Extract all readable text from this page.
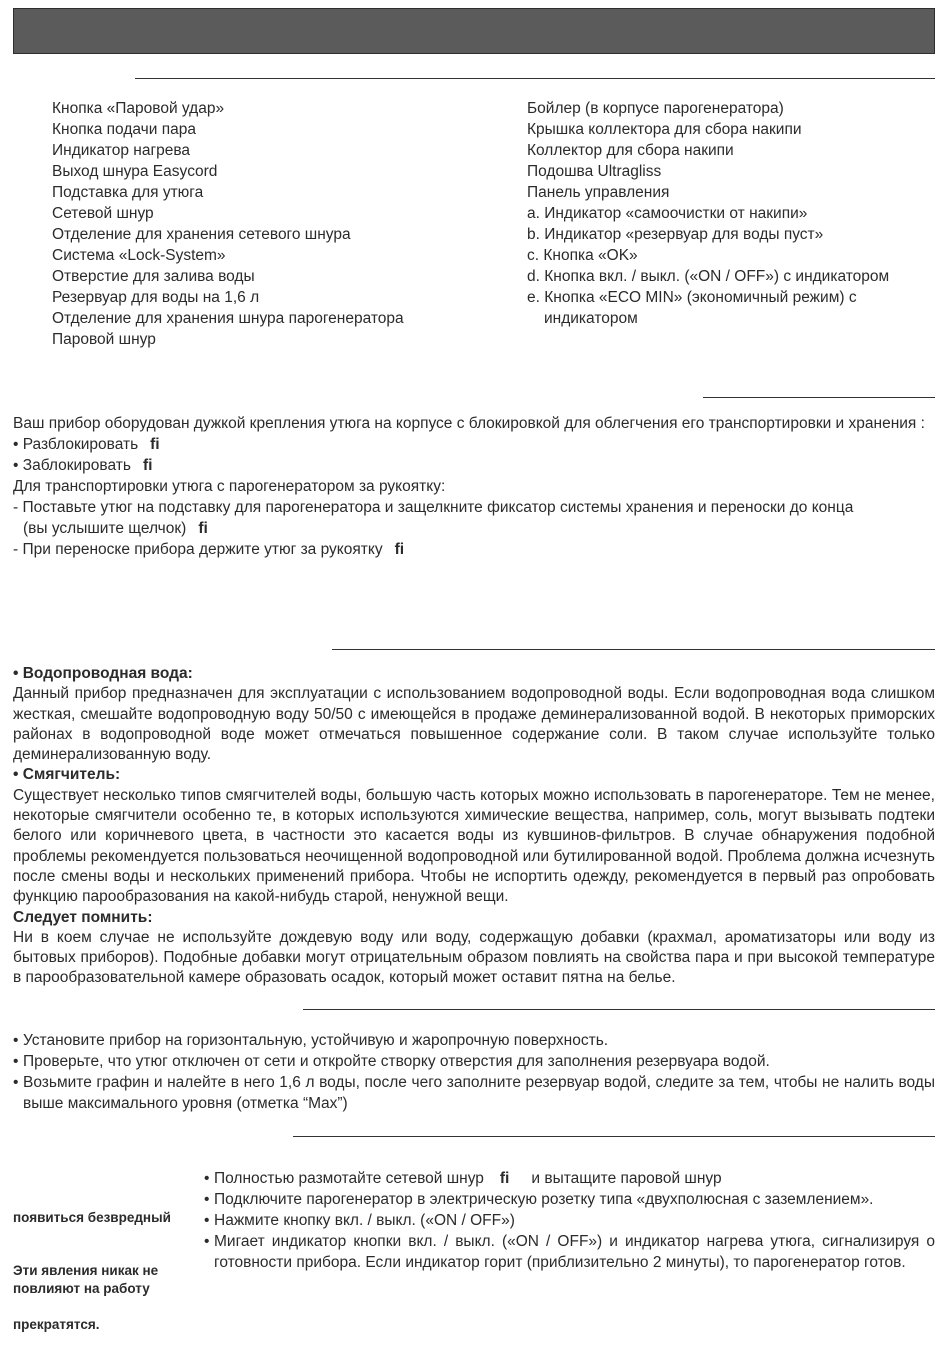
Кнопка «Паровой удар»
Кнопка подачи пара
Индикатор нагрева
Выход шнура Easycord
Подставка для утюга
Сетевой шнур
Отделение для хранения сетевого шнура
Система «Lock-System»
Отверстие для залива воды
Резервуар для воды на 1,6 л
Отделение для хранения шнура парогенератора
Паровой шнур
Бойлер (в корпусе парогенератора)
Крышка коллектора для сбора накипи
Коллектор для сбора накипи
Подошва Ultragliss
Панель управления
a. Индикатор «самоочистки от накипи»
b. Индикатор «резервуар для воды пуст»
c. Кнопка «OK»
d. Кнопка вкл. / выкл. («ON / OFF») с индикатором
e. Кнопка «ECO MIN» (экономичный режим) с
индикатором
Ваш прибор оборудован дужкой крепления утюга на корпусе с блокировкой для облегчения его транспортировки и хранения :
• Разблокировать ﬁ
• Заблокировать ﬁ
Для транспортировки утюга с парогенератором за рукоятку:
- Поставьте утюг на подставку для парогенератора и защелкните фиксатор системы хранения и переноски до конца
(вы услышите щелчок) ﬁ
- При переноске прибора держите утюг за рукоятку ﬁ
• Водопроводная вода:
Данный прибор предназначен для эксплуатации с использованием водопроводной воды. Если водопроводная вода слишком жесткая, смешайте водопроводную воду 50/50 с имеющейся в продаже деминерализованной водой. В некоторых приморских районах в водопроводной воде может отмечаться повышенное содержание соли. В таком случае используйте только деминерализованную воду.
• Смягчитель:
Существует несколько типов смягчителей воды, большую часть которых можно использовать в парогенераторе. Тем не менее, некоторые смягчители особенно те, в которых используются химические вещества, например, соль, могут вызывать подтеки белого или коричневого цвета, в частности это касается воды из кувшинов-фильтров. В случае обнаружения подобной проблемы рекомендуется пользоваться неочищенной водопроводной или бутилированной водой. Проблема должна исчезнуть после смены воды и нескольких применений прибора. Чтобы не испортить одежду, рекомендуется в первый раз опробовать функцию парообразования на какой-нибудь старой, ненужной вещи.
Следует помнить:
Ни в коем случае не используйте дождевую воду или воду, содержащую добавки (крахмал, ароматизаторы или воду из бытовых приборов). Подобные добавки могут отрицательным образом повлиять на свойства пара и при высокой температуре в парообразовательной камере образовать осадок, который может оставит пятна на белье.
• Установите прибор на горизонтальную, устойчивую и жаропрочную поверхность.
• Проверьте, что утюг отключен от сети и откройте створку отверстия для заполнения резервуара водой.
• Возьмите графин и налейте в него 1,6 л воды, после чего заполните резервуар водой, следите за тем, чтобы не налить воды выше максимального уровня (отметка “Max”)
появиться безвредный
Эти явления никак не
повлияют на работу
прекратятся.
• Полностью размотайте сетевой шнур ﬁ и вытащите паровой шнур
• Подключите парогенератор в электрическую розетку типа «двухполюсная с заземлением».
• Нажмите кнопку вкл. / выкл. («ON / OFF»)
• Мигает индикатор кнопки вкл. / выкл. («ON / OFF») и индикатор нагрева утюга, сигнализируя о готовности прибора. Если индикатор горит (приблизительно 2 минуты), то парогенератор готов.
